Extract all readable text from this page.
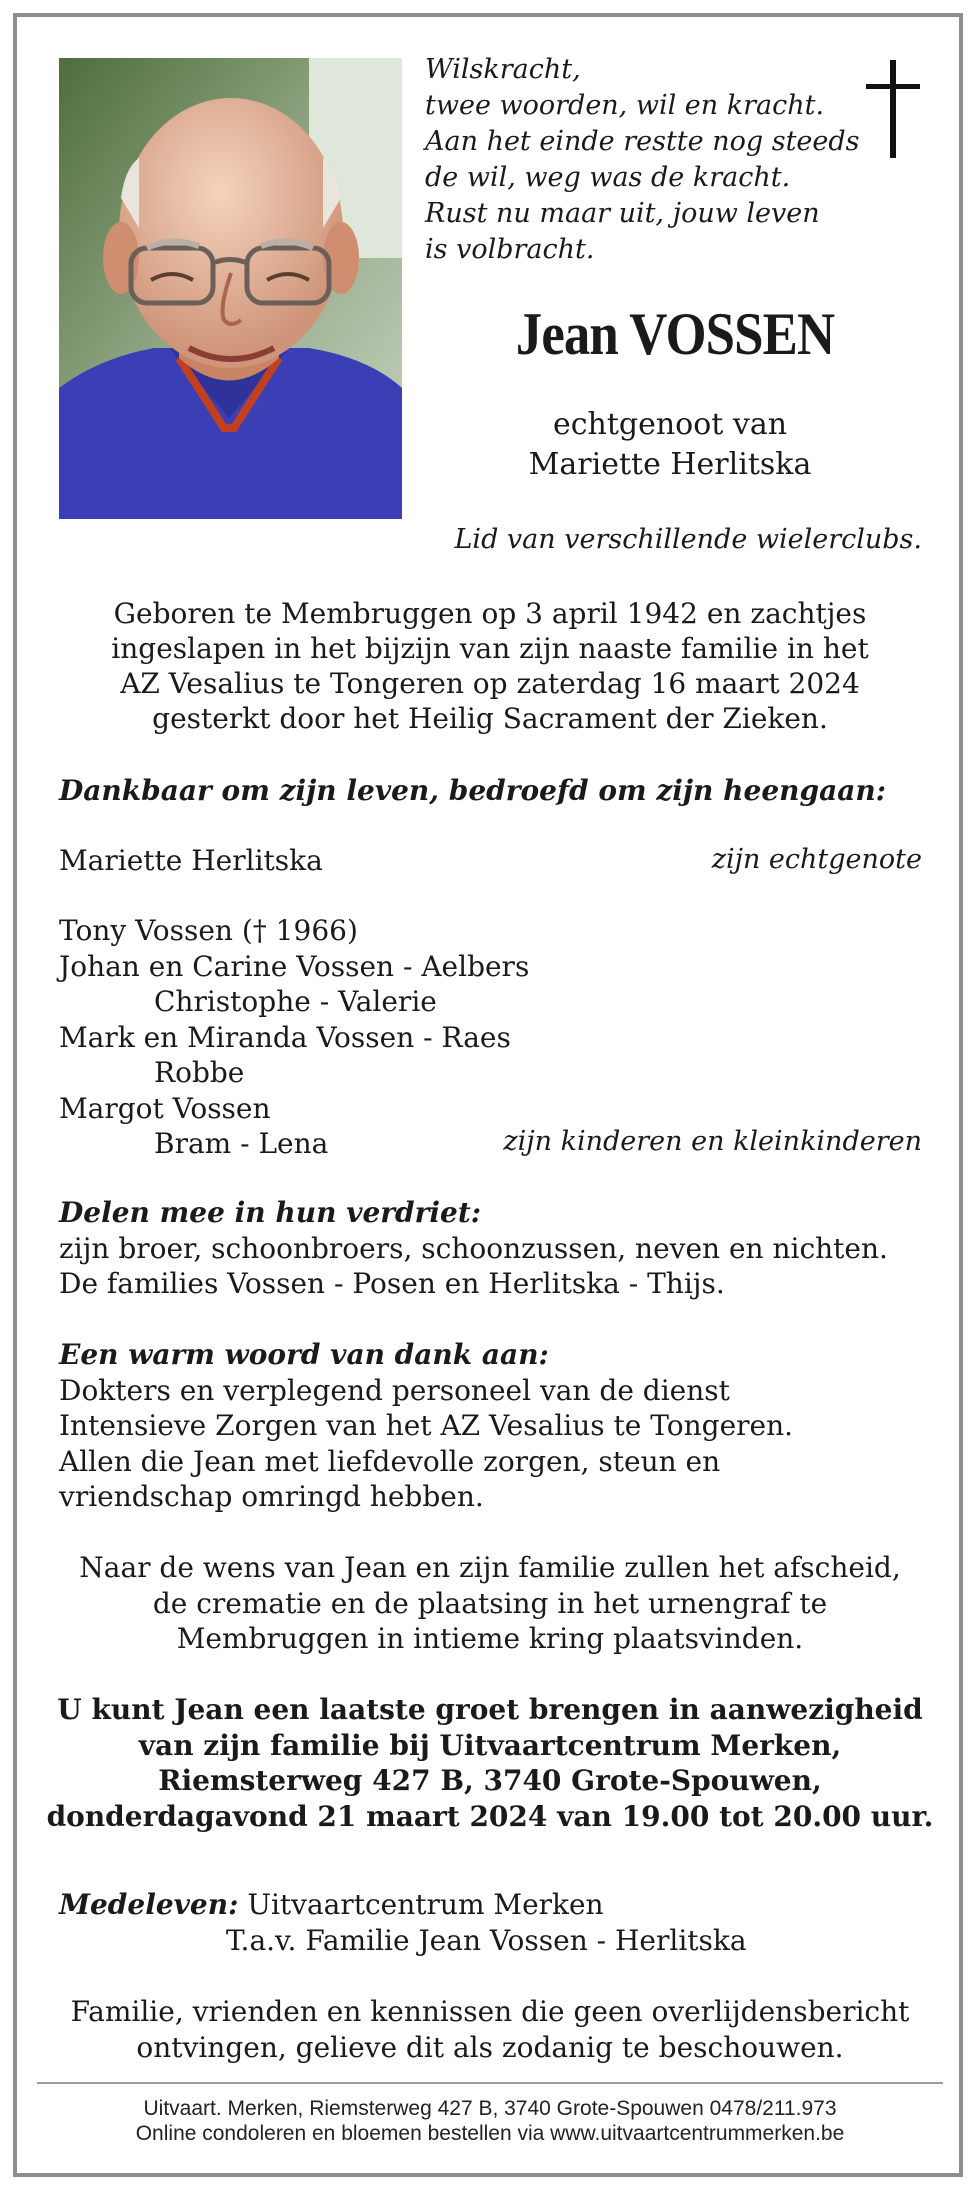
Wilskracht,
twee woorden, wil en kracht.
Aan het einde restte nog steeds
de wil, weg was de kracht.
Rust nu maar uit, jouw leven
is volbracht.
Jean VOSSEN
echtgenoot van
Mariette Herlitska
Lid van verschillende wielerclubs.
Geboren te Membruggen op 3 april 1942 en zachtjes
ingeslapen in het bijzijn van zijn naaste familie in het
AZ Vesalius te Tongeren op zaterdag 16 maart 2024
gesterkt door het Heilig Sacrament der Zieken.
Dankbaar om zijn leven, bedroefd om zijn heengaan:
Mariette Herlitska	zijn echtgenote
Tony Vossen († 1966)
Johan en Carine Vossen - Aelbers
Christophe - Valerie
Mark en Miranda Vossen - Raes
Robbe
Margot Vossen
Bram - Lena	zijn kinderen en kleinkinderen
Delen mee in hun verdriet:
zijn broer, schoonbroers, schoonzussen, neven en nichten.
De families Vossen - Posen en Herlitska - Thijs.
Een warm woord van dank aan:
Dokters en verplegend personeel van de dienst
Intensieve Zorgen van het AZ Vesalius te Tongeren.
Allen die Jean met liefdevolle zorgen, steun en
vriendschap omringd hebben.
Naar de wens van Jean en zijn familie zullen het afscheid,
de crematie en de plaatsing in het urnengraf te
Membruggen in intieme kring plaatsvinden.
U kunt Jean een laatste groet brengen in aanwezigheid
van zijn familie bij Uitvaartcentrum Merken,
Riemsterweg 427 B, 3740 Grote-Spouwen,
donderdagavond 21 maart 2024 van 19.00 tot 20.00 uur.
Medeleven: Uitvaartcentrum Merken
T.a.v. Familie Jean Vossen - Herlitska
Familie, vrienden en kennissen die geen overlijdensbericht
ontvingen, gelieve dit als zodanig te beschouwen.
Uitvaart. Merken, Riemsterweg 427 B, 3740 Grote-Spouwen 0478/211.973
Online condoleren en bloemen bestellen via www.uitvaartcentrummerken.be
